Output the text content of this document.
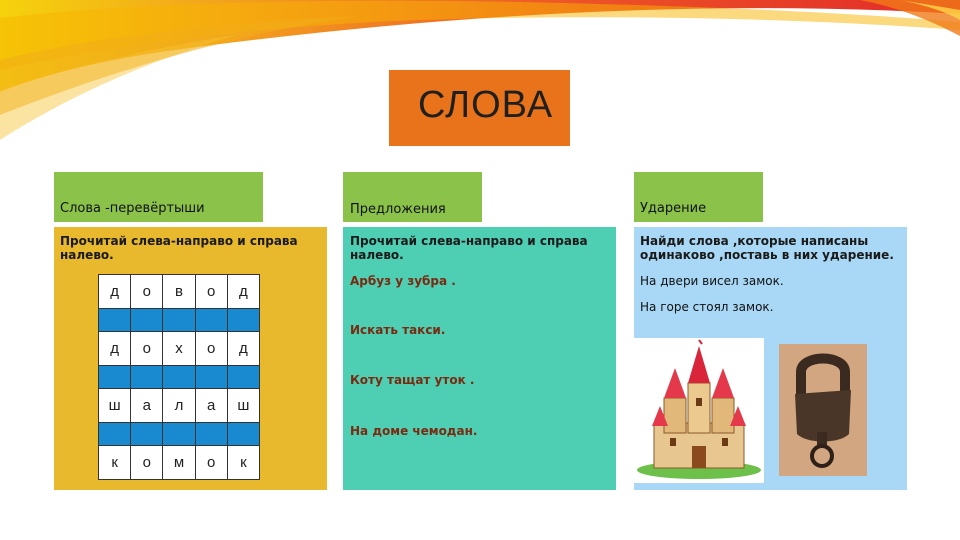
СЛОВА
Слова -перевёртыши	Предложения	Ударение
Прочитай слева-направо и справа налево.
д	о	в	о	д

д	о	х	о	д

ш	а	л	а	ш

к	о	м	о	к
Прочитай слева-направо и справа налево.
Арбуз у зубра .
Искать такси.
Коту тащат уток .
На доме чемодан.
Найди слова ,которые написаны одинаково ,поставь в них ударение.
На двери висел замок.
На горе стоял замок.
